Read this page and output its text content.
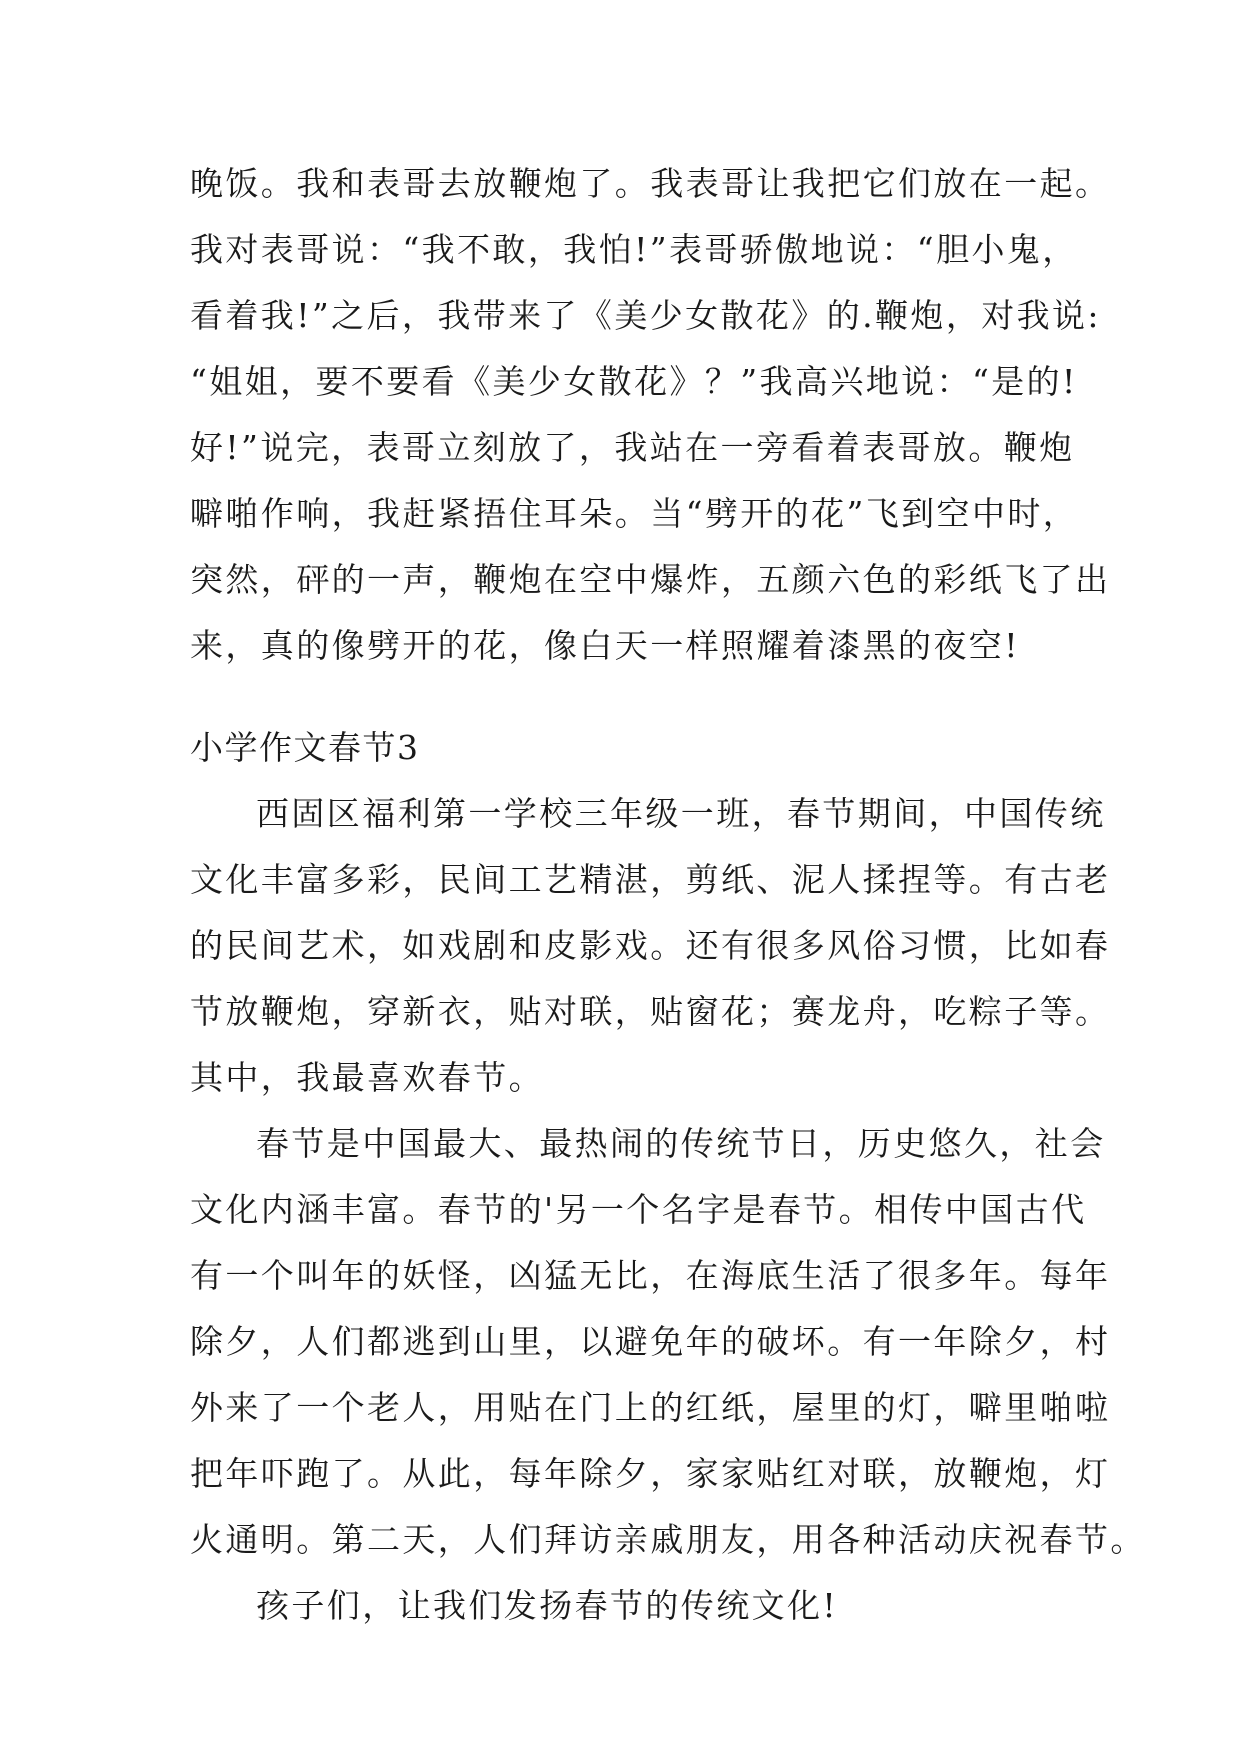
晚饭。我和表哥去放鞭炮了。我表哥让我把它们放在一起。
我对表哥说：“我不敢，我怕!”表哥骄傲地说：“胆小鬼，
看着我!”之后，我带来了《美少女散花》的.鞭炮，对我说:
“姐姐，要不要看《美少女散花》？”我高兴地说：“是的!
好!”说完，表哥立刻放了，我站在一旁看着表哥放。鞭炮
噼啪作响，我赶紧捂住耳朵。当“劈开的花”飞到空中时，
突然，砰的一声，鞭炮在空中爆炸，五颜六色的彩纸飞了出
来，真的像劈开的花，像白天一样照耀着漆黑的夜空!
小学作文春节3
西固区福利第一学校三年级一班，春节期间，中国传统
文化丰富多彩，民间工艺精湛，剪纸、泥人揉捏等。有古老
的民间艺术，如戏剧和皮影戏。还有很多风俗习惯，比如春
节放鞭炮，穿新衣，贴对联，贴窗花；赛龙舟，吃粽子等。
其中，我最喜欢春节。
春节是中国最大、最热闹的传统节日，历史悠久，社会
文化内涵丰富。春节的'另一个名字是春节。相传中国古代
有一个叫年的妖怪，凶猛无比，在海底生活了很多年。每年
除夕，人们都逃到山里，以避免年的破坏。有一年除夕，村
外来了一个老人，用贴在门上的红纸，屋里的灯，噼里啪啦
把年吓跑了。从此，每年除夕，家家贴红对联，放鞭炮，灯
火通明。第二天，人们拜访亲戚朋友，用各种活动庆祝春节。
孩子们，让我们发扬春节的传统文化!
